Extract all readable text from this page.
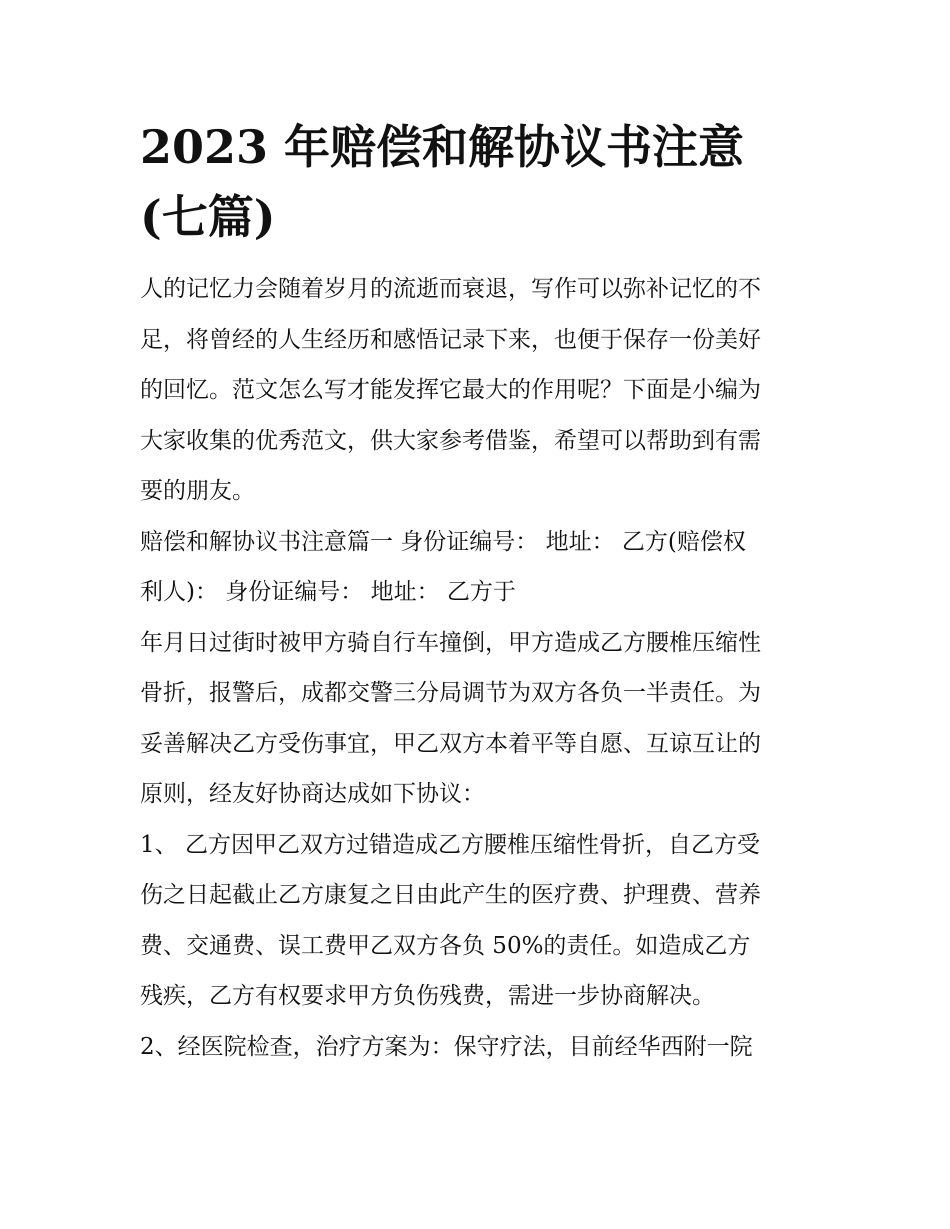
2023 年赔偿和解协议书注意
(七篇)

人的记忆力会随着岁月的流逝而衰退，写作可以弥补记忆的不
足，将曾经的人生经历和感悟记录下来，也便于保存一份美好
的回忆。范文怎么写才能发挥它最大的作用呢？下面是小编为
大家收集的优秀范文，供大家参考借鉴，希望可以帮助到有需
要的朋友。

赔偿和解协议书注意篇一 身份证编号： 地址： 乙方(赔偿权
利人)： 身份证编号： 地址： 乙方于

年月日过街时被甲方骑自行车撞倒，甲方造成乙方腰椎压缩性
骨折，报警后，成都交警三分局调节为双方各负一半责任。为
妥善解决乙方受伤事宜，甲乙双方本着平等自愿、互谅互让的
原则，经友好协商达成如下协议：

1、 乙方因甲乙双方过错造成乙方腰椎压缩性骨折，自乙方受
伤之日起截止乙方康复之日由此产生的医疗费、护理费、营养
费、交通费、误工费甲乙双方各负 50%的责任。如造成乙方
残疾，乙方有权要求甲方负伤残费，需进一步协商解决。

2、经医院检查，治疗方案为：保守疗法，目前经华西附一院
